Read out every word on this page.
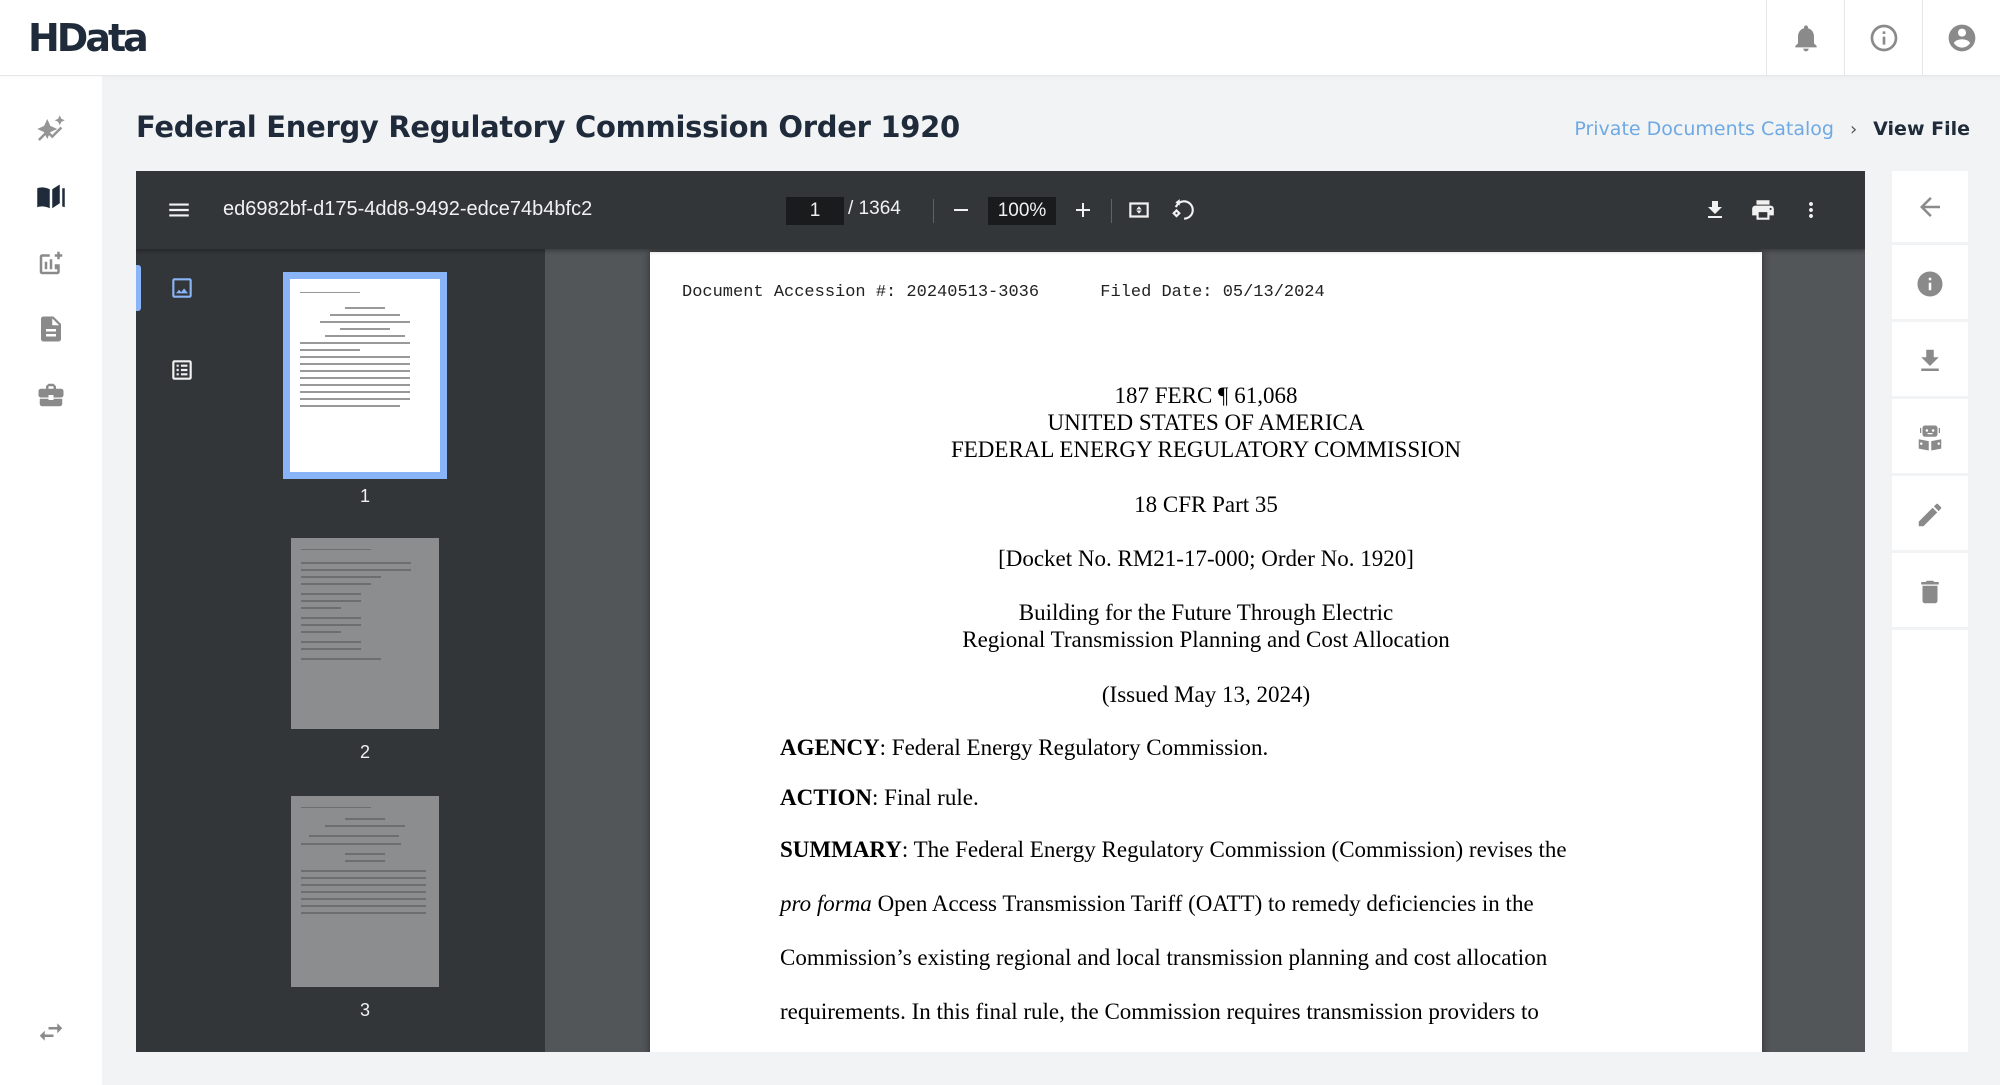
HData
Federal Energy Regulatory Commission Order 1920	Private Documents Catalog › View File
ed6982bf-d175-4dd8-9492-edce74b4bfc2	1	/ 1364	100%
1
2
3
Document Accession #: 20240513-3036      Filed Date: 05/13/2024
187 FERC ¶ 61,068
UNITED STATES OF AMERICA
FEDERAL ENERGY REGULATORY COMMISSION
18 CFR Part 35
[Docket No. RM21-17-000; Order No. 1920]
Building for the Future Through Electric
Regional Transmission Planning and Cost Allocation
(Issued May 13, 2024)
AGENCY: Federal Energy Regulatory Commission.
ACTION: Final rule.
SUMMARY: The Federal Energy Regulatory Commission (Commission) revises the
pro forma Open Access Transmission Tariff (OATT) to remedy deficiencies in the
Commission’s existing regional and local transmission planning and cost allocation
requirements. In this final rule, the Commission requires transmission providers to
